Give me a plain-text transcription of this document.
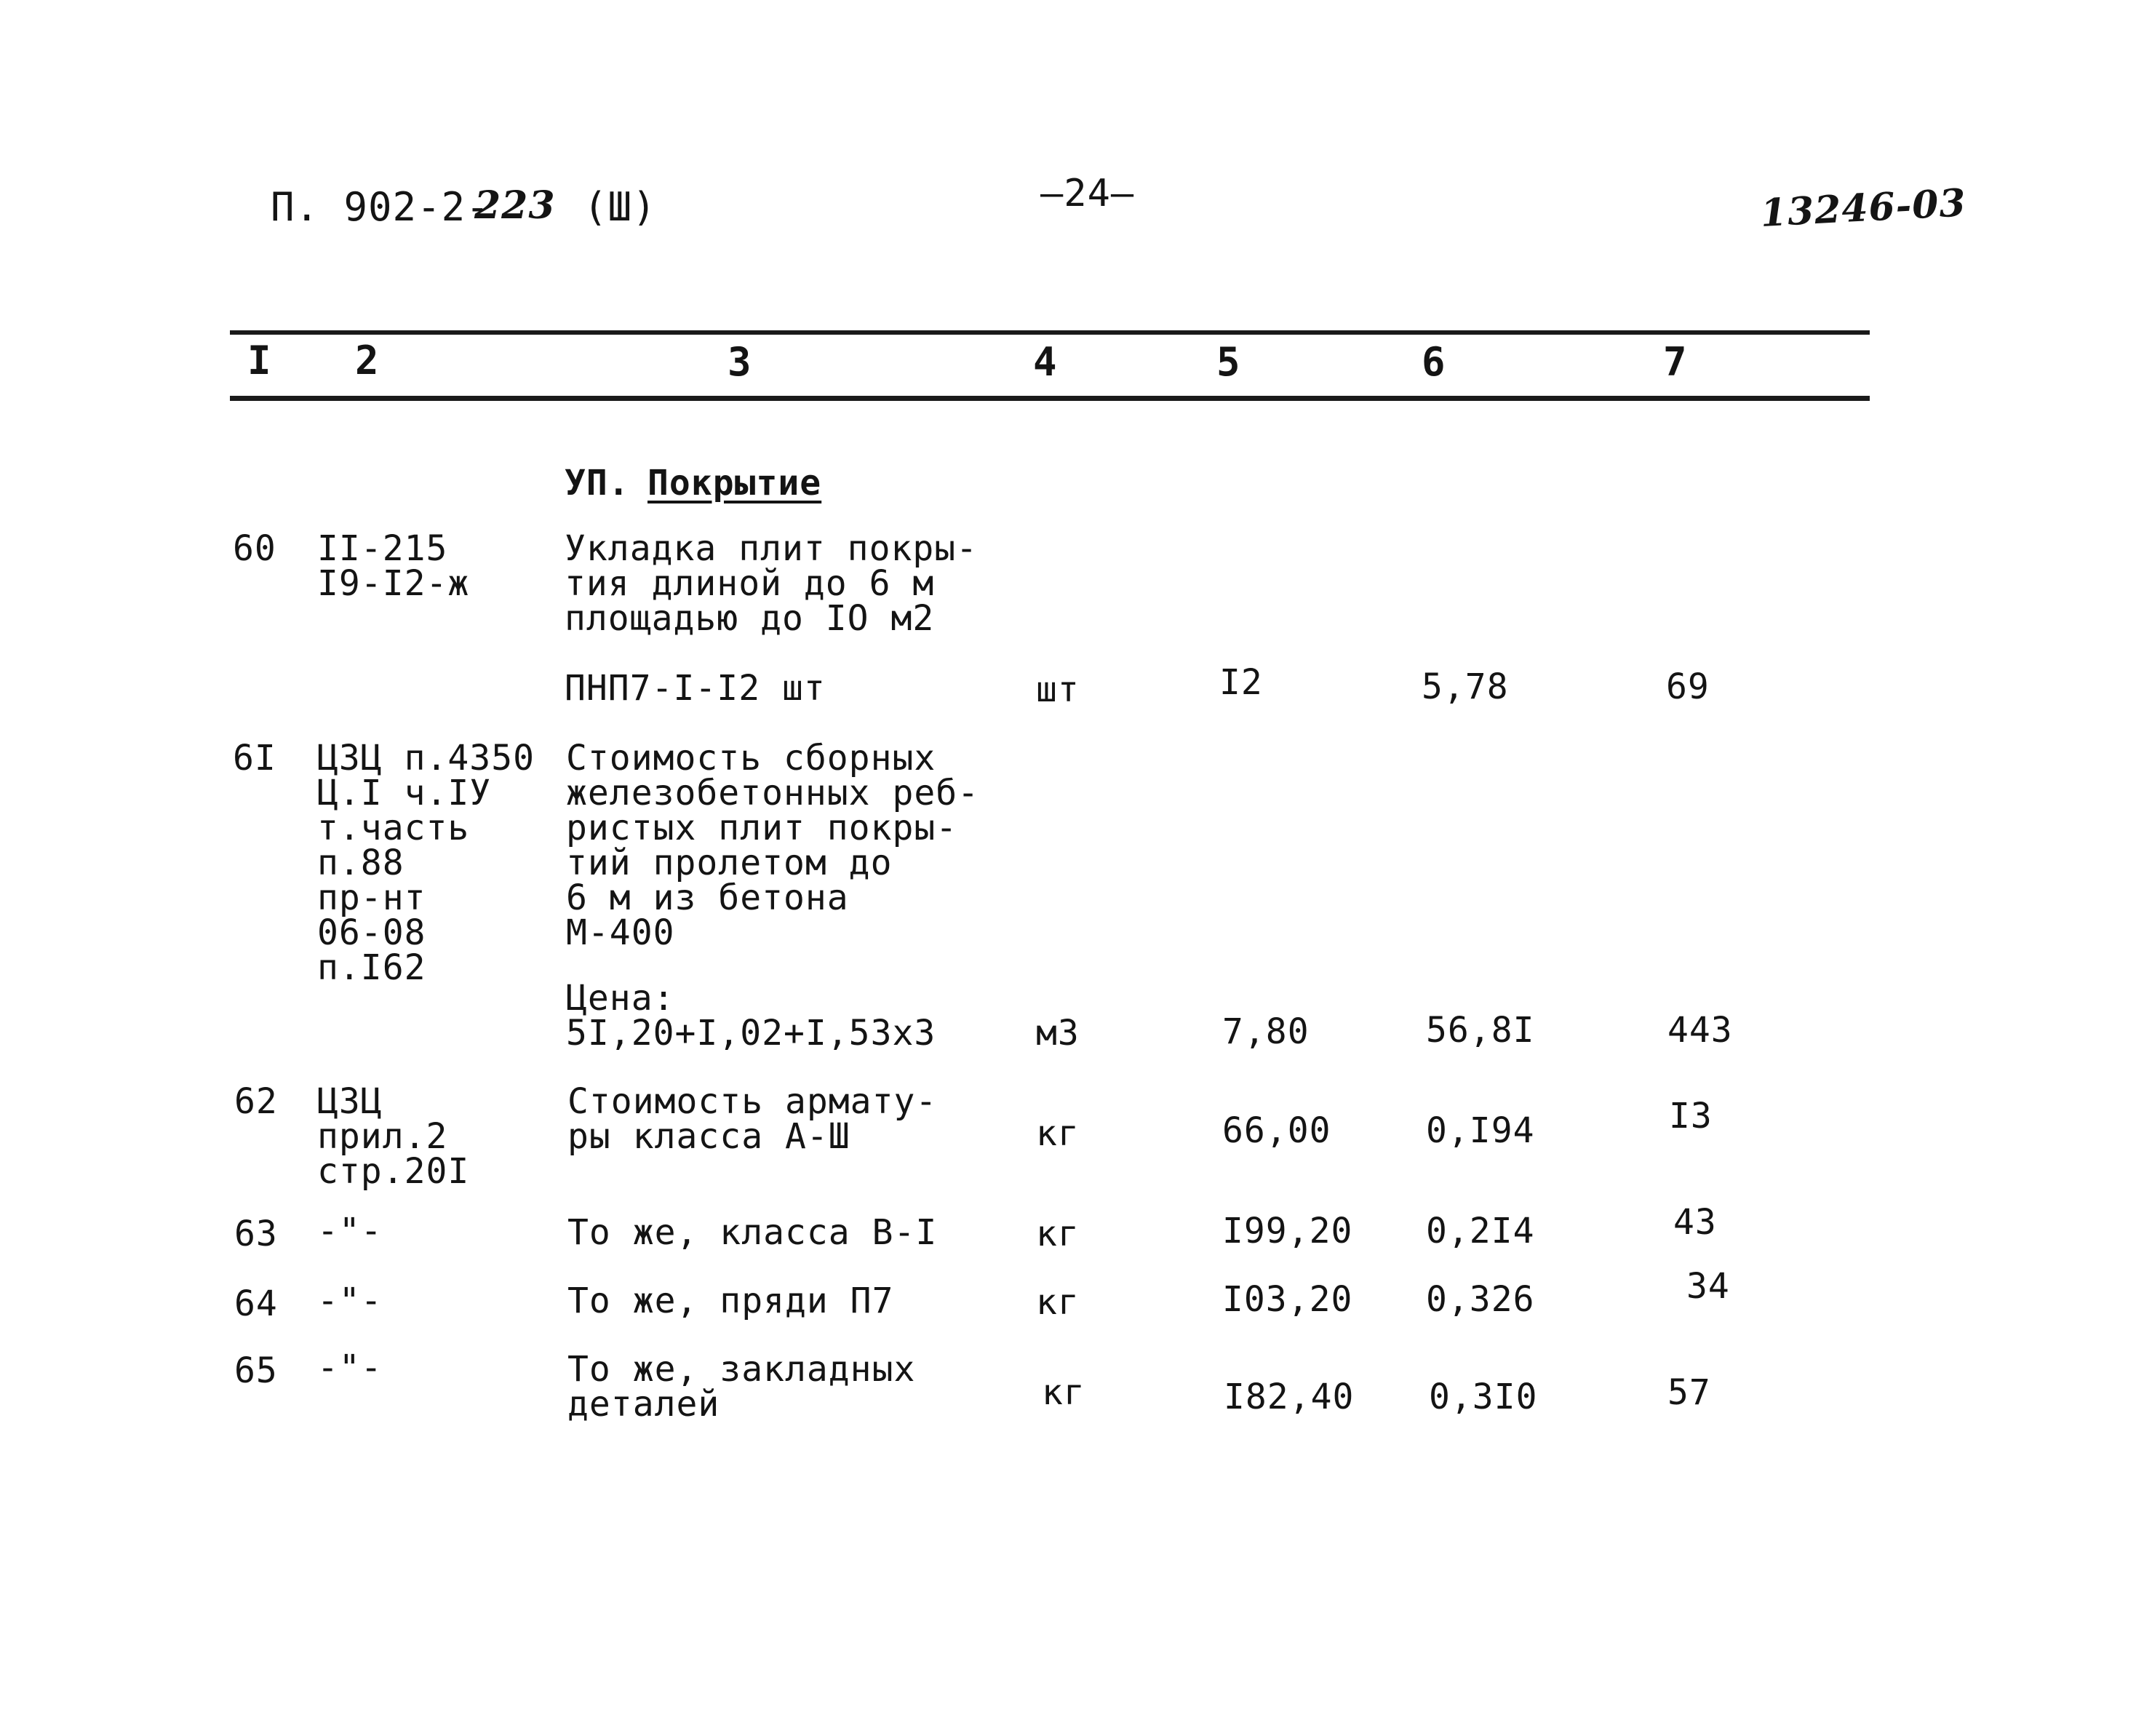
П. 902-2-
223 (Ш)	—24—	13246-03
I 2	3	4	5	6	7
УП. Покрытие
60 II-215
I9-I2-ж
Укладка плит покры-
тия длиной до 6 м
площадью до IO м2
ПНП7-I-I2 шт	шт	I2	5,78	69
6I ЦЗЦ п.4350
Ц.I ч.IУ
т.часть
п.88
пр-нт
06-08
п.I62
Стоимость сборных
железобетонных реб-
ристых плит покры-
тий пролетом до
6 м из бетона
М-400
Цена:
5I,20+I,02+I,53х3	м3	7,80	56,8I	443
62 ЦЗЦ
прил.2
стр.20I
Стоимость армату-
ры класса А-Ш	кг	66,00	0,I94	I3
63 -"-	То же, класса В-I	кг	I99,20 0,2I4	43
64 -"-	То же, пряди П7	кг	I03,20 0,326	34
65 -"-	То же, закладных
деталей	кг	I82,40 0,3I0	57
